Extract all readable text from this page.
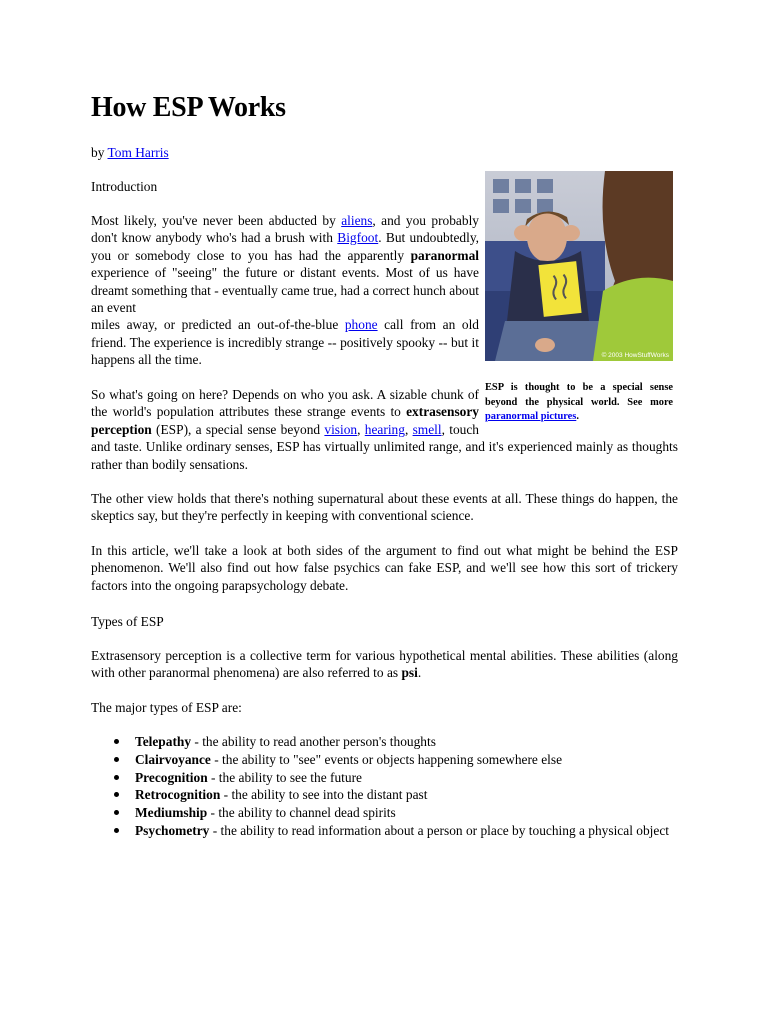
How ESP Works

by Tom Harris

Introduction

Most likely, you've never been abducted by aliens, and you probably don't know anybody who's had a brush with Bigfoot. But undoubtedly, you or somebody close to you has had the apparently paranormal experience of "seeing" the future or distant events. Most of us have dreamt something that - eventually came true, had a correct hunch about an event
miles away, or predicted an out-of-the-blue phone call from an old friend. The experience is incredibly strange -- positively spooky -- but it happens all the time.

So what's going on here? Depends on who you ask. A sizable chunk of the world's population attributes these strange events to extrasensory perception (ESP), a special sense beyond vision, hearing, smell, touch and taste. Unlike ordinary senses, ESP has virtually unlimited range, and it's experienced mainly as thoughts rather than bodily sensations.

The other view holds that there's nothing supernatural about these events at all. These things do happen, the skeptics say, but they're perfectly in keeping with conventional science.

In this article, we'll take a look at both sides of the argument to find out what might be behind the ESP phenomenon. We'll also find out how false psychics can fake ESP, and we'll see how this sort of trickery factors into the ongoing parapsychology debate.

Types of ESP

Extrasensory perception is a collective term for various hypothetical mental abilities. These abilities (along with other paranormal phenomena) are also referred to as psi.

The major types of ESP are:

Telepathy - the ability to read another person's thoughts
Clairvoyance - the ability to "see" events or objects happening somewhere else
Precognition - the ability to see the future
Retrocognition - the ability to see into the distant past
Mediumship - the ability to channel dead spirits
Psychometry - the ability to read information about a person or place by touching a physical object
© 2003 HowStuffWorks

ESP is thought to be a special sense beyond the physical world. See more paranormal pictures.
